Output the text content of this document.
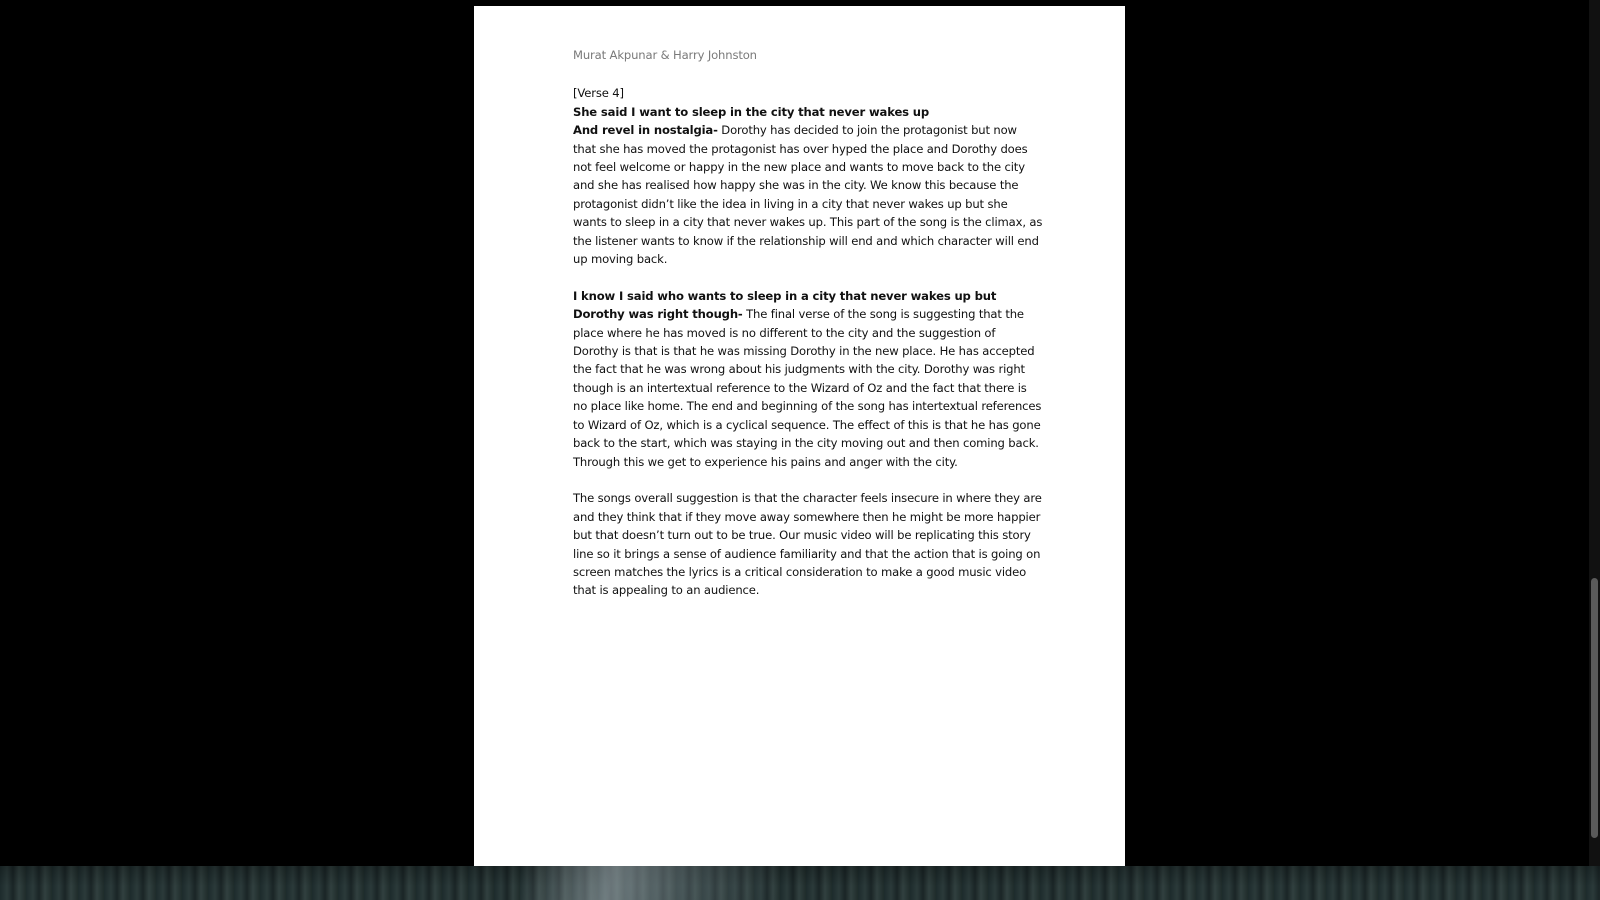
Murat Akpunar & Harry Johnston

[Verse 4]
She said I want to sleep in the city that never wakes up
And revel in nostalgia- Dorothy has decided to join the protagonist but now that she has moved the protagonist has over hyped the place and Dorothy does not feel welcome or happy in the new place and wants to move back to the city and she has realised how happy she was in the city. We know this because the protagonist didn’t like the idea in living in a city that never wakes up but she wants to sleep in a city that never wakes up. This part of the song is the climax, as the listener wants to know if the relationship will end and which character will end up moving back.

I know I said who wants to sleep in a city that never wakes up but
Dorothy was right though- The final verse of the song is suggesting that the place where he has moved is no different to the city and the suggestion of Dorothy is that is that he was missing Dorothy in the new place. He has accepted the fact that he was wrong about his judgments with the city. Dorothy was right though is an intertextual reference to the Wizard of Oz and the fact that there is no place like home. The end and beginning of the song has intertextual references to Wizard of Oz, which is a cyclical sequence. The effect of this is that he has gone back to the start, which was staying in the city moving out and then coming back. Through this we get to experience his pains and anger with the city.

The songs overall suggestion is that the character feels insecure in where they are and they think that if they move away somewhere then he might be more happier but that doesn’t turn out to be true. Our music video will be replicating this story line so it brings a sense of audience familiarity and that the action that is going on screen matches the lyrics is a critical consideration to make a good music video that is appealing to an audience.
